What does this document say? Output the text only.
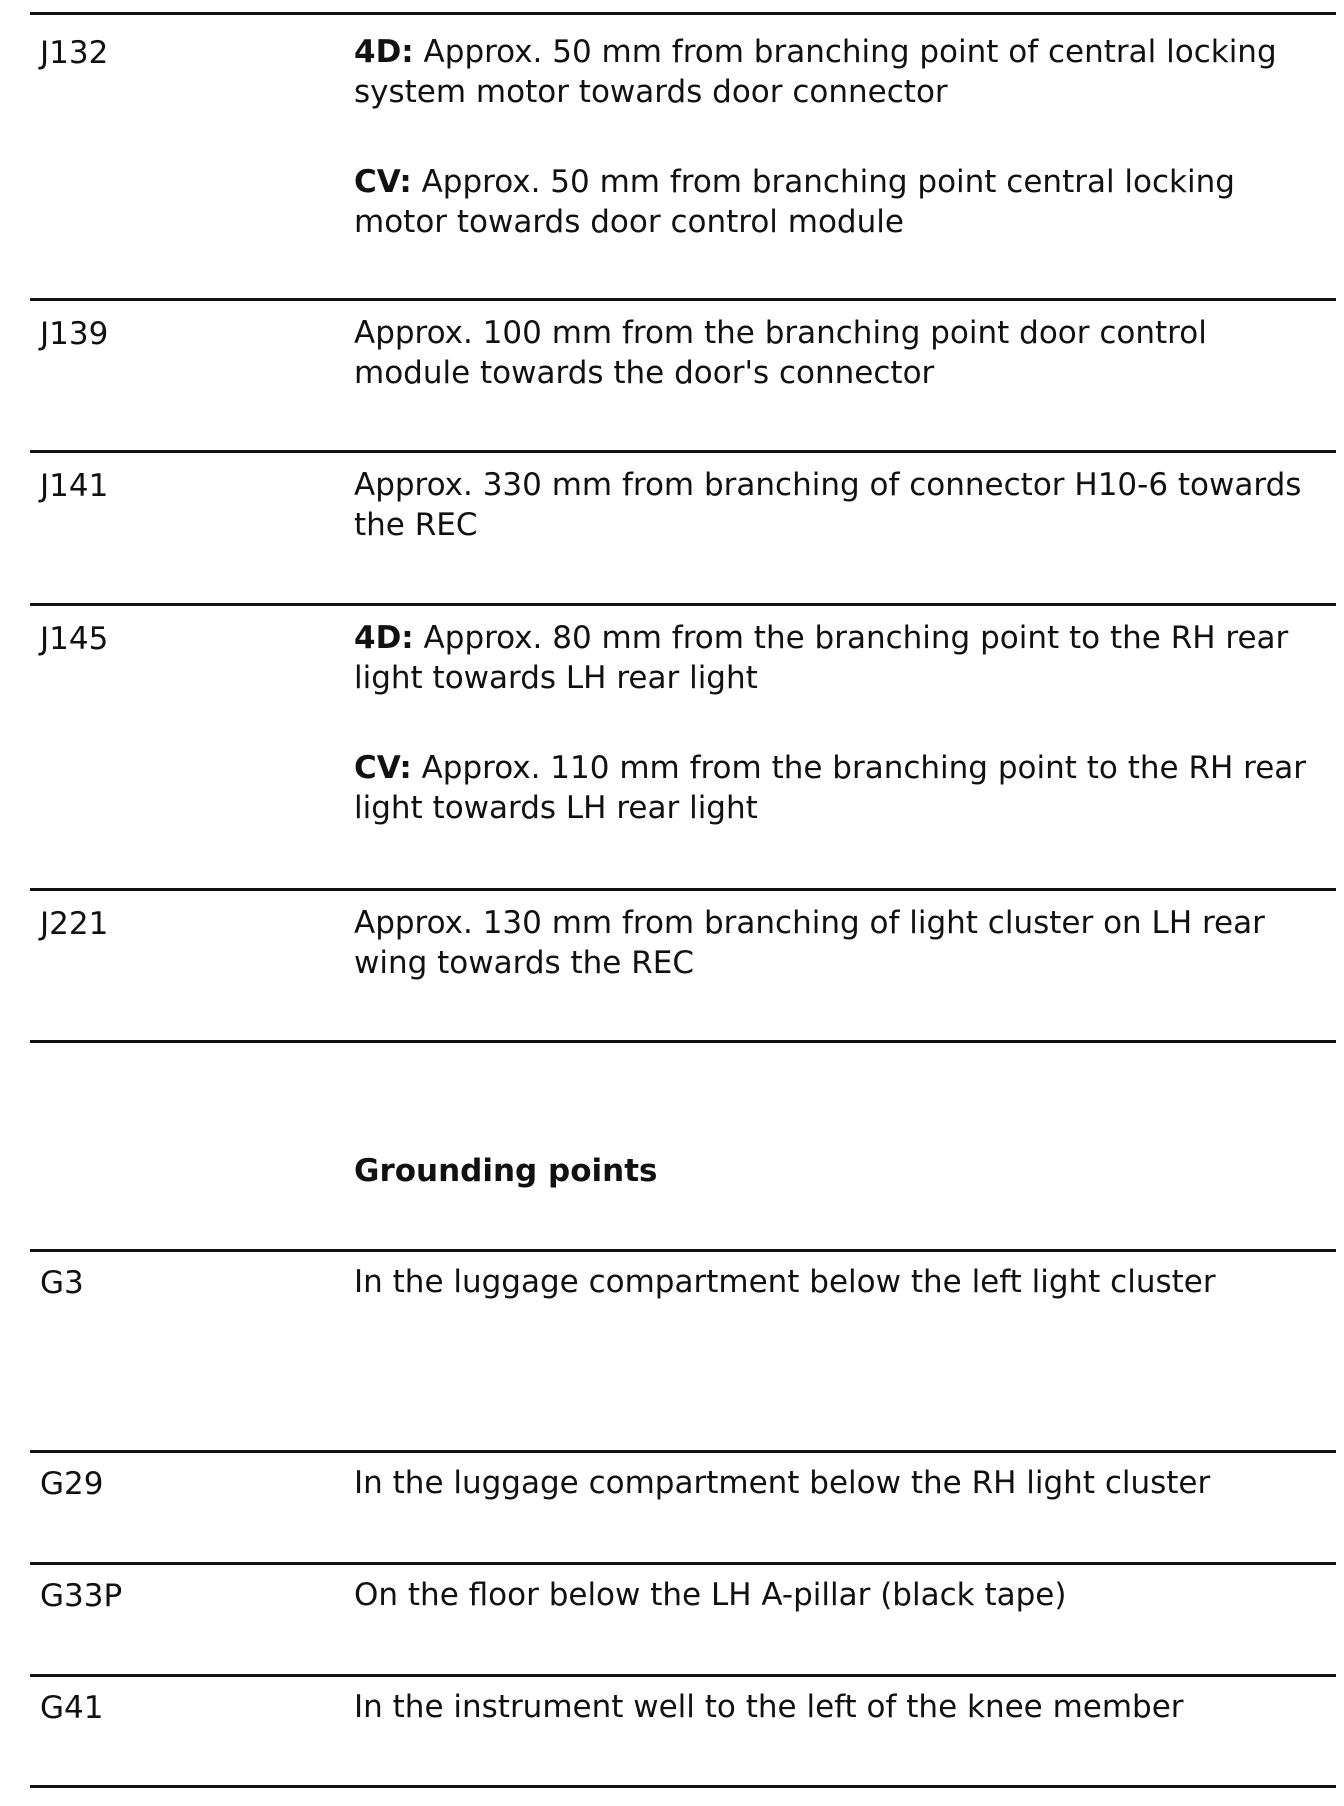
J132	4D: Approx. 50 mm from branching point of central locking system motor towards door connector
CV: Approx. 50 mm from branching point central locking motor towards door control module
J139	Approx. 100 mm from the branching point door control module towards the door's connector
J141	Approx. 330 mm from branching of connector H10-6 towards the REC
J145	4D: Approx. 80 mm from the branching point to the RH rear light towards LH rear light
CV: Approx. 110 mm from the branching point to the RH rear light towards LH rear light
J221	Approx. 130 mm from branching of light cluster on LH rear wing towards the REC
Grounding points
G3	In the luggage compartment below the left light cluster
G29	In the luggage compartment below the RH light cluster
G33P	On the floor below the LH A-pillar (black tape)
G41	In the instrument well to the left of the knee member
